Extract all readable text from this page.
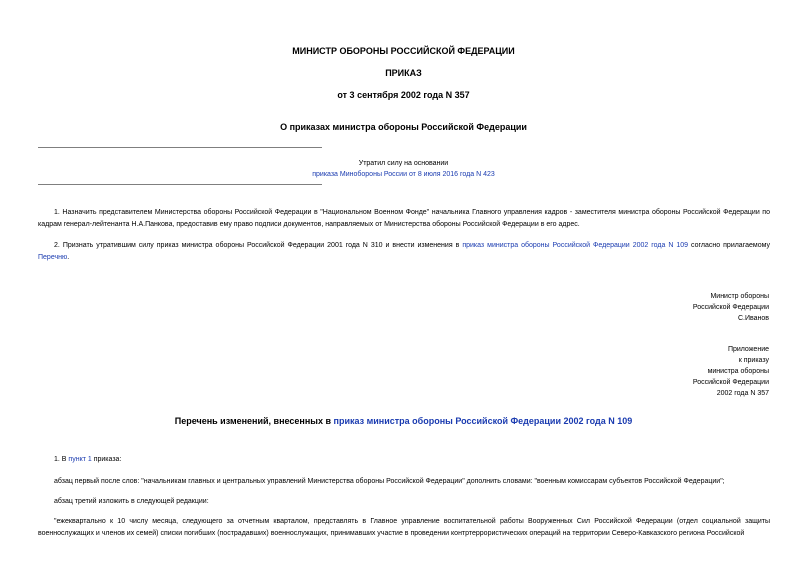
МИНИСТР ОБОРОНЫ РОССИЙСКОЙ ФЕДЕРАЦИИ
ПРИКАЗ
от 3 сентября 2002 года N 357
О приказах министра обороны Российской Федерации
Утратил силу на основании
приказа Минобороны России от 8 июля 2016 года N 423
1. Назначить представителем Министерства обороны Российской Федерации в "Национальном Военном Фонде" начальника Главного управления кадров - заместителя министра обороны Российской Федерации по кадрам генерал-лейтенанта Н.А.Панкова, предоставив ему право подписи документов, направляемых от Министерства обороны Российской Федерации в его адрес.
2. Признать утратившим силу приказ министра обороны Российской Федерации 2001 года N 310 и внести изменения в приказ министра обороны Российской Федерации 2002 года N 109 согласно прилагаемому Перечню.
Министр обороны
Российской Федерации
С.Иванов
Приложение
к приказу
министра обороны
Российской Федерации
2002 года N 357
Перечень изменений, внесенных в приказ министра обороны Российской Федерации 2002 года N 109
1. В пункт 1 приказа:
абзац первый после слов: "начальникам главных и центральных управлений Министерства обороны Российской Федерации" дополнить словами: "военным комиссарам субъектов Российской Федерации";
абзац третий изложить в следующей редакции:
"ежеквартально к 10 числу месяца, следующего за отчетным кварталом, представлять в Главное управление воспитательной работы Вооруженных Сил Российской Федерации (отдел социальной защиты военнослужащих и членов их семей) списки погибших (пострадавших) военнослужащих, принимавших участие в проведении контртеррористических операций на территории Северо-Кавказского региона Российской
